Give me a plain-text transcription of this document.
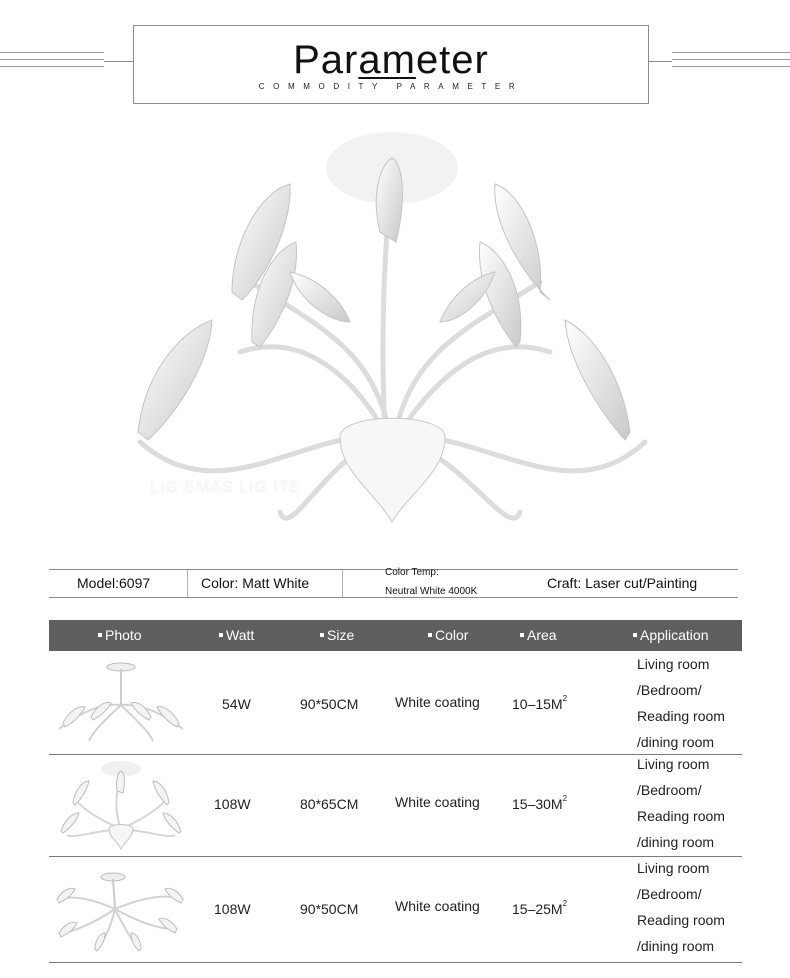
Parameter
COMMODITY PARAMETER
LIG EMAS LIG ITE
Model:6097	Color: Matt White
Color Temp:
Neutral White 4000K
Craft: Laser cut/Painting
Photo	Watt	Size	Color	Area	Application
54W	90*50CM	White coating $10-15M^2$
Living room
/Bedroom/
Reading room
/dining room
108W	80*65CM	White coating $15-30M^2$
Living room
/Bedroom/
Reading room
/dining room
108W	90*50CM	White coating $15-25M^2$
Living room
/Bedroom/
Reading room
/dining room
